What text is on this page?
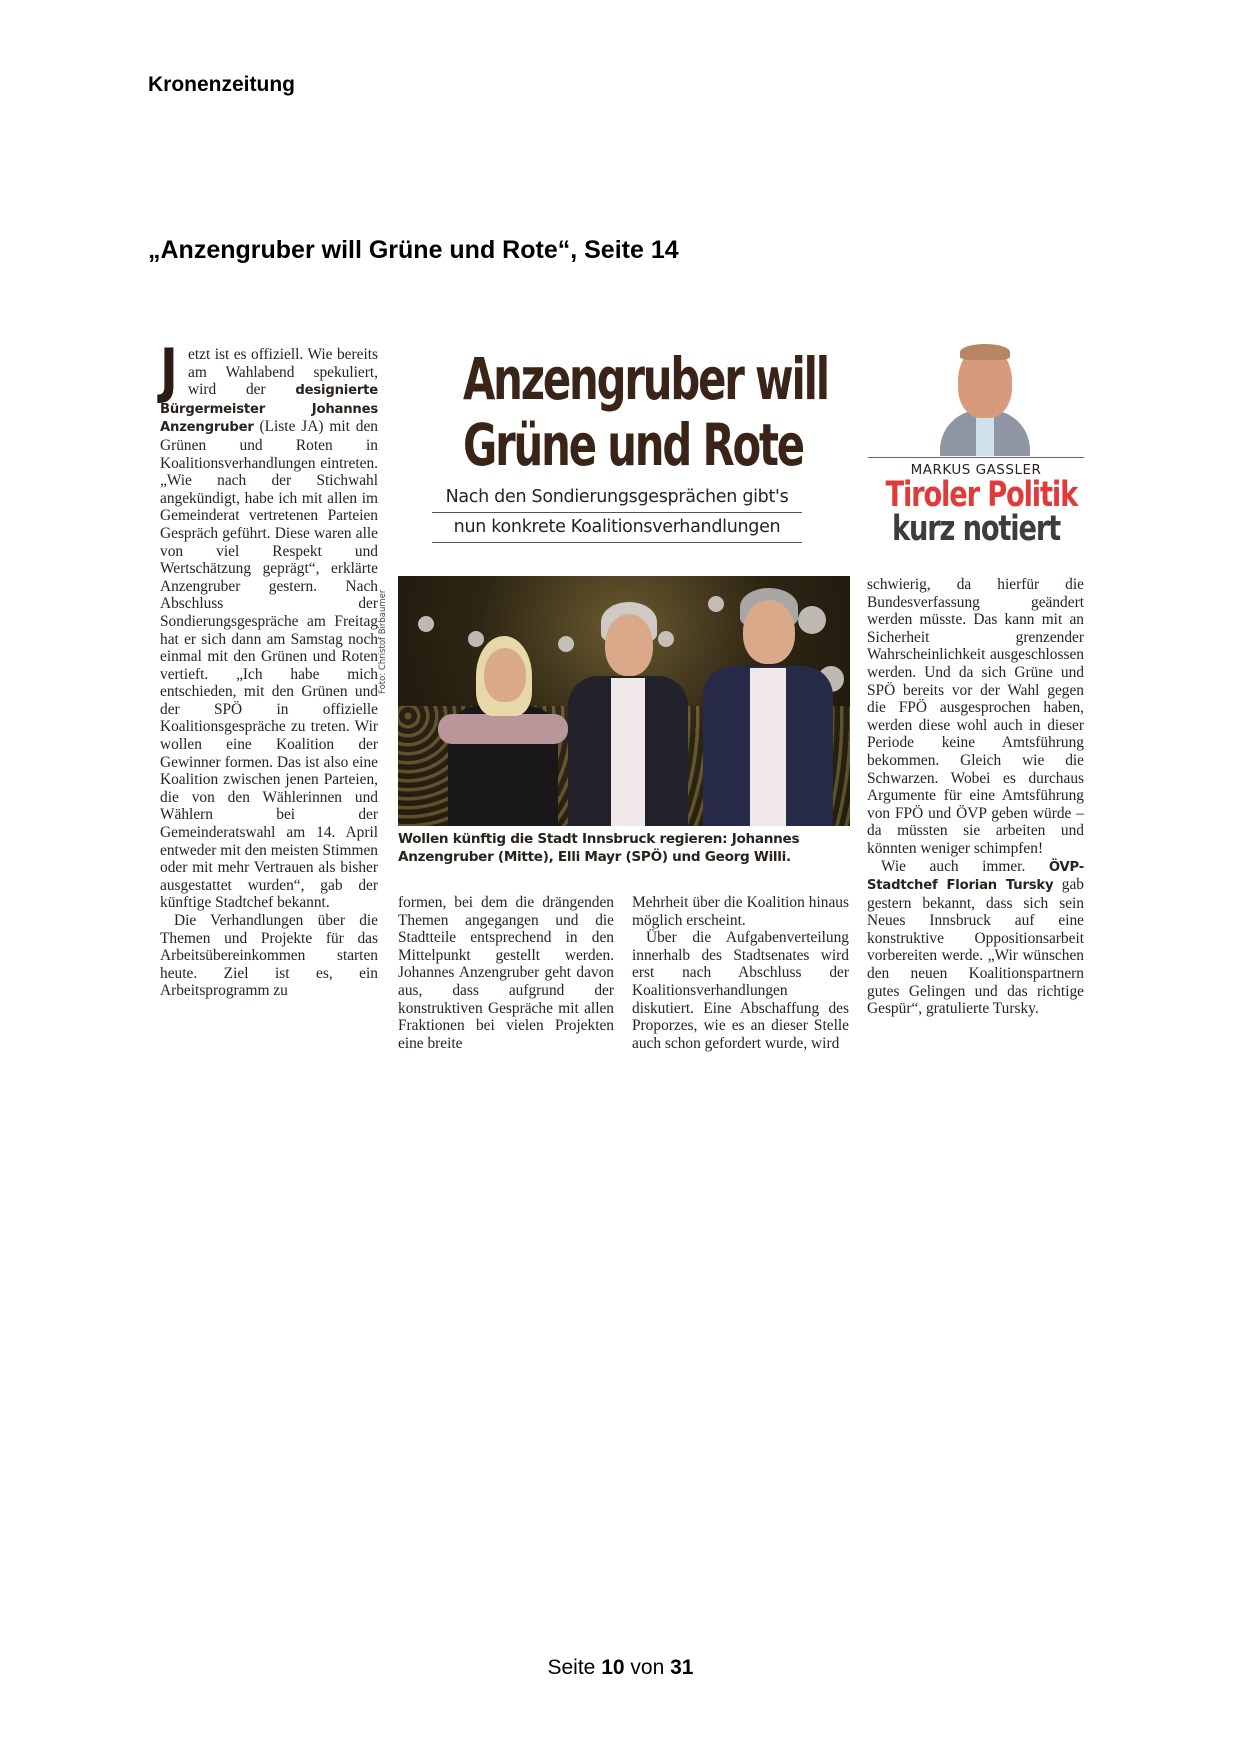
Kronenzeitung
„Anzengruber will Grüne und Rote“, Seite 14

Jetzt ist es offiziell. Wie bereits am Wahlabend spekuliert, wird der designierte Bürgermeister Johannes Anzengruber (Liste JA) mit den Grünen und Roten in Koalitionsverhandlungen eintreten. „Wie nach der Stichwahl angekündigt, habe ich mit allen im Gemeinderat vertretenen Parteien Gespräch geführt. Diese waren alle von viel Respekt und Wertschätzung geprägt“, erklärte Anzengruber gestern. Nach Abschluss der Sondierungsgespräche am Freitag hat er sich dann am Samstag noch einmal mit den Grünen und Roten vertieft. „Ich habe mich entschieden, mit den Grünen und der SPÖ in offizielle Koalitionsgespräche zu treten. Wir wollen eine Koalition der Gewinner formen. Das ist also eine Koalition zwischen jenen Parteien, die von den Wählerinnen und Wählern bei der Gemeinderatswahl am 14. April entweder mit den meisten Stimmen oder mit mehr Vertrauen als bisher ausgestattet wurden“, gab der künftige Stadtchef bekannt.

Die Verhandlungen über die Themen und Projekte für das Arbeitsübereinkommen starten heute. Ziel ist es, ein Arbeitsprogramm zu

Anzengruber will
Grüne und Rote
Nach den Sondierungsgesprächen gibt's
nun konkrete Koalitionsverhandlungen
Foto: Christof Birbaumer
Wollen künftig die Stadt Innsbruck regieren: Johannes Anzengruber (Mitte), Elli Mayr (SPÖ) und Georg Willi.

formen, bei dem die drängenden Themen angegangen und die Stadtteile entsprechend in den Mittelpunkt gestellt werden. Johannes Anzengruber geht davon aus, dass aufgrund der konstruktiven Gespräche mit allen Fraktionen bei vielen Projekten eine breite

Mehrheit über die Koalition hinaus möglich erscheint.

Über die Aufgabenverteilung innerhalb des Stadtsenates wird erst nach Abschluss der Koalitionsverhandlungen diskutiert. Eine Abschaffung des Proporzes, wie es an dieser Stelle auch schon gefordert wurde, wird

MARKUS GASSLER
Tiroler Politik
kurz notiert

schwierig, da hierfür die Bundesverfassung geändert werden müsste. Das kann mit an Sicherheit grenzender Wahrscheinlichkeit ausgeschlossen werden. Und da sich Grüne und SPÖ bereits vor der Wahl gegen die FPÖ ausgesprochen haben, werden diese wohl auch in dieser Periode keine Amtsführung bekommen. Gleich wie die Schwarzen. Wobei es durchaus Argumente für eine Amtsführung von FPÖ und ÖVP geben würde – da müssten sie arbeiten und könnten weniger schimpfen!

Wie auch immer. ÖVP-Stadtchef Florian Tursky gab gestern bekannt, dass sich sein Neues Innsbruck auf eine konstruktive Oppositionsarbeit vorbereiten werde. „Wir wünschen den neuen Koalitionspartnern gutes Gelingen und das richtige Gespür“, gratulierte Tursky.

Seite 10 von 31
